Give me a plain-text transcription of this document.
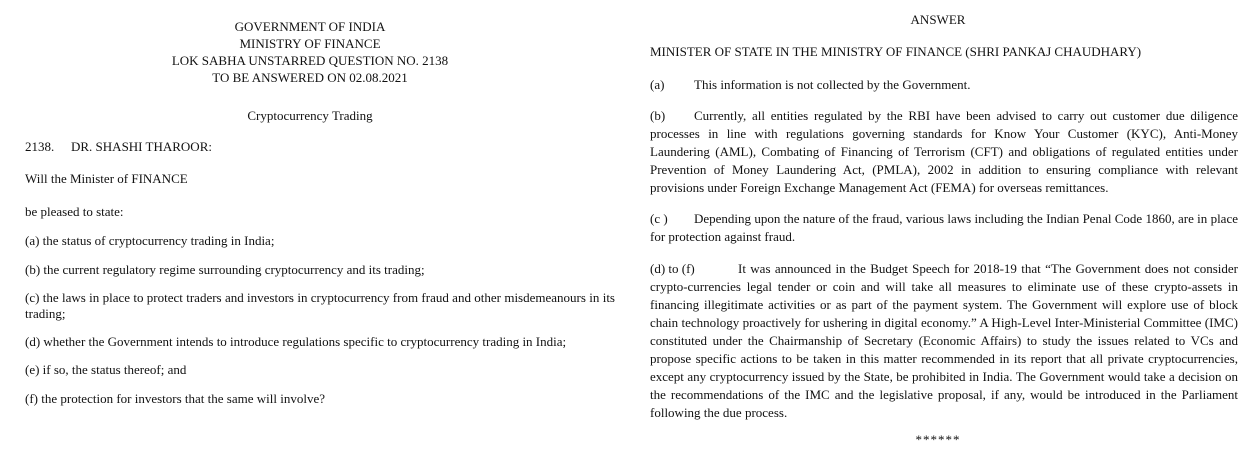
GOVERNMENT OF INDIA
MINISTRY OF FINANCE
LOK SABHA UNSTARRED QUESTION NO. 2138
TO BE ANSWERED ON 02.08.2021
Cryptocurrency Trading
2138. DR. SHASHI THAROOR:
Will the Minister of FINANCE
be pleased to state:
(a) the status of cryptocurrency trading in India;
(b) the current regulatory regime surrounding cryptocurrency and its trading;
(c) the laws in place to protect traders and investors in cryptocurrency from fraud and other misdemeanours in its trading;
(d) whether the Government intends to introduce regulations specific to cryptocurrency trading in India;
(e) if so, the status thereof; and
(f) the protection for investors that the same will involve?
ANSWER
MINISTER OF STATE IN THE MINISTRY OF FINANCE (SHRI PANKAJ CHAUDHARY)
(a) This information is not collected by the Government.
(b) Currently, all entities regulated by the RBI have been advised to carry out customer due diligence processes in line with regulations governing standards for Know Your Customer (KYC), Anti-Money Laundering (AML), Combating of Financing of Terrorism (CFT) and obligations of regulated entities under Prevention of Money Laundering Act, (PMLA), 2002 in addition to ensuring compliance with relevant provisions under Foreign Exchange Management Act (FEMA) for overseas remittances.
(c ) Depending upon the nature of the fraud, various laws including the Indian Penal Code 1860, are in place for protection against fraud.
(d) to (f)	It was announced in the Budget Speech for 2018-19 that “The Government does not consider crypto-currencies legal tender or coin and will take all measures to eliminate use of these crypto-assets in financing illegitimate activities or as part of the payment system. The Government will explore use of block chain technology proactively for ushering in digital economy.” A High-Level Inter-Ministerial Committee (IMC) constituted under the Chairmanship of Secretary (Economic Affairs) to study the issues related to VCs and propose specific actions to be taken in this matter recommended in its report that all private cryptocurrencies, except any cryptocurrency issued by the State, be prohibited in India. The Government would take a decision on the recommendations of the IMC and the legislative proposal, if any, would be introduced in the Parliament following the due process.
******
